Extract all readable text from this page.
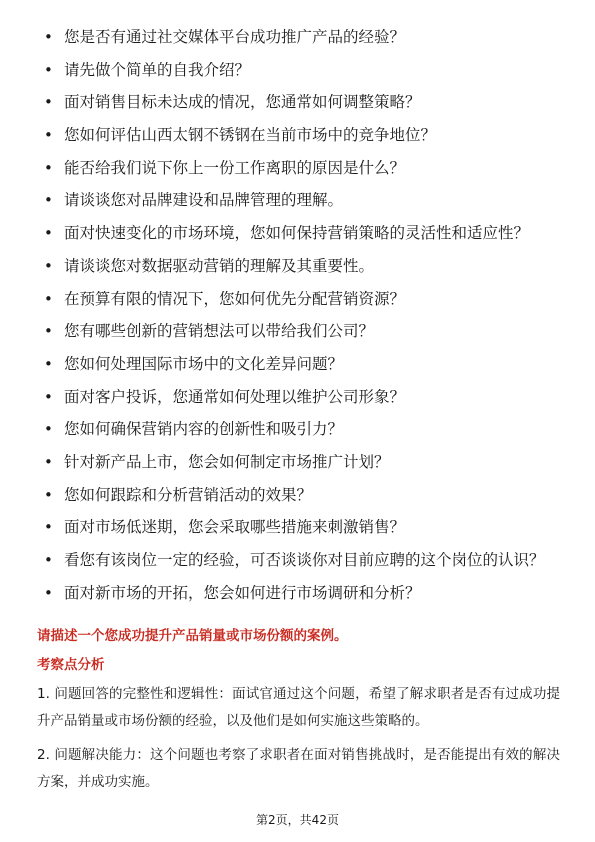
• 您是否有通过社交媒体平台成功推广产品的经验？
• 请先做个简单的自我介绍？
• 面对销售目标未达成的情况，您通常如何调整策略？
• 您如何评估山西太钢不锈钢在当前市场中的竞争地位？
• 能否给我们说下你上一份工作离职的原因是什么？
• 请谈谈您对品牌建设和品牌管理的理解。
• 面对快速变化的市场环境，您如何保持营销策略的灵活性和适应性？
• 请谈谈您对数据驱动营销的理解及其重要性。
• 在预算有限的情况下，您如何优先分配营销资源？
• 您有哪些创新的营销想法可以带给我们公司？
• 您如何处理国际市场中的文化差异问题？
• 面对客户投诉，您通常如何处理以维护公司形象？
• 您如何确保营销内容的创新性和吸引力？
• 针对新产品上市，您会如何制定市场推广计划？
• 您如何跟踪和分析营销活动的效果？
• 面对市场低迷期，您会采取哪些措施来刺激销售？
• 看您有该岗位一定的经验，可否谈谈你对目前应聘的这个岗位的认识？
• 面对新市场的开拓，您会如何进行市场调研和分析？
请描述一个您成功提升产品销量或市场份额的案例。
考察点分析

1. 问题回答的完整性和逻辑性：面试官通过这个问题，希望了解求职者是否有过成功提升产品销量或市场份额的经验，以及他们是如何实施这些策略的。

2. 问题解决能力：这个问题也考察了求职者在面对销售挑战时，是否能提出有效的解决方案，并成功实施。

第2页，共42页
